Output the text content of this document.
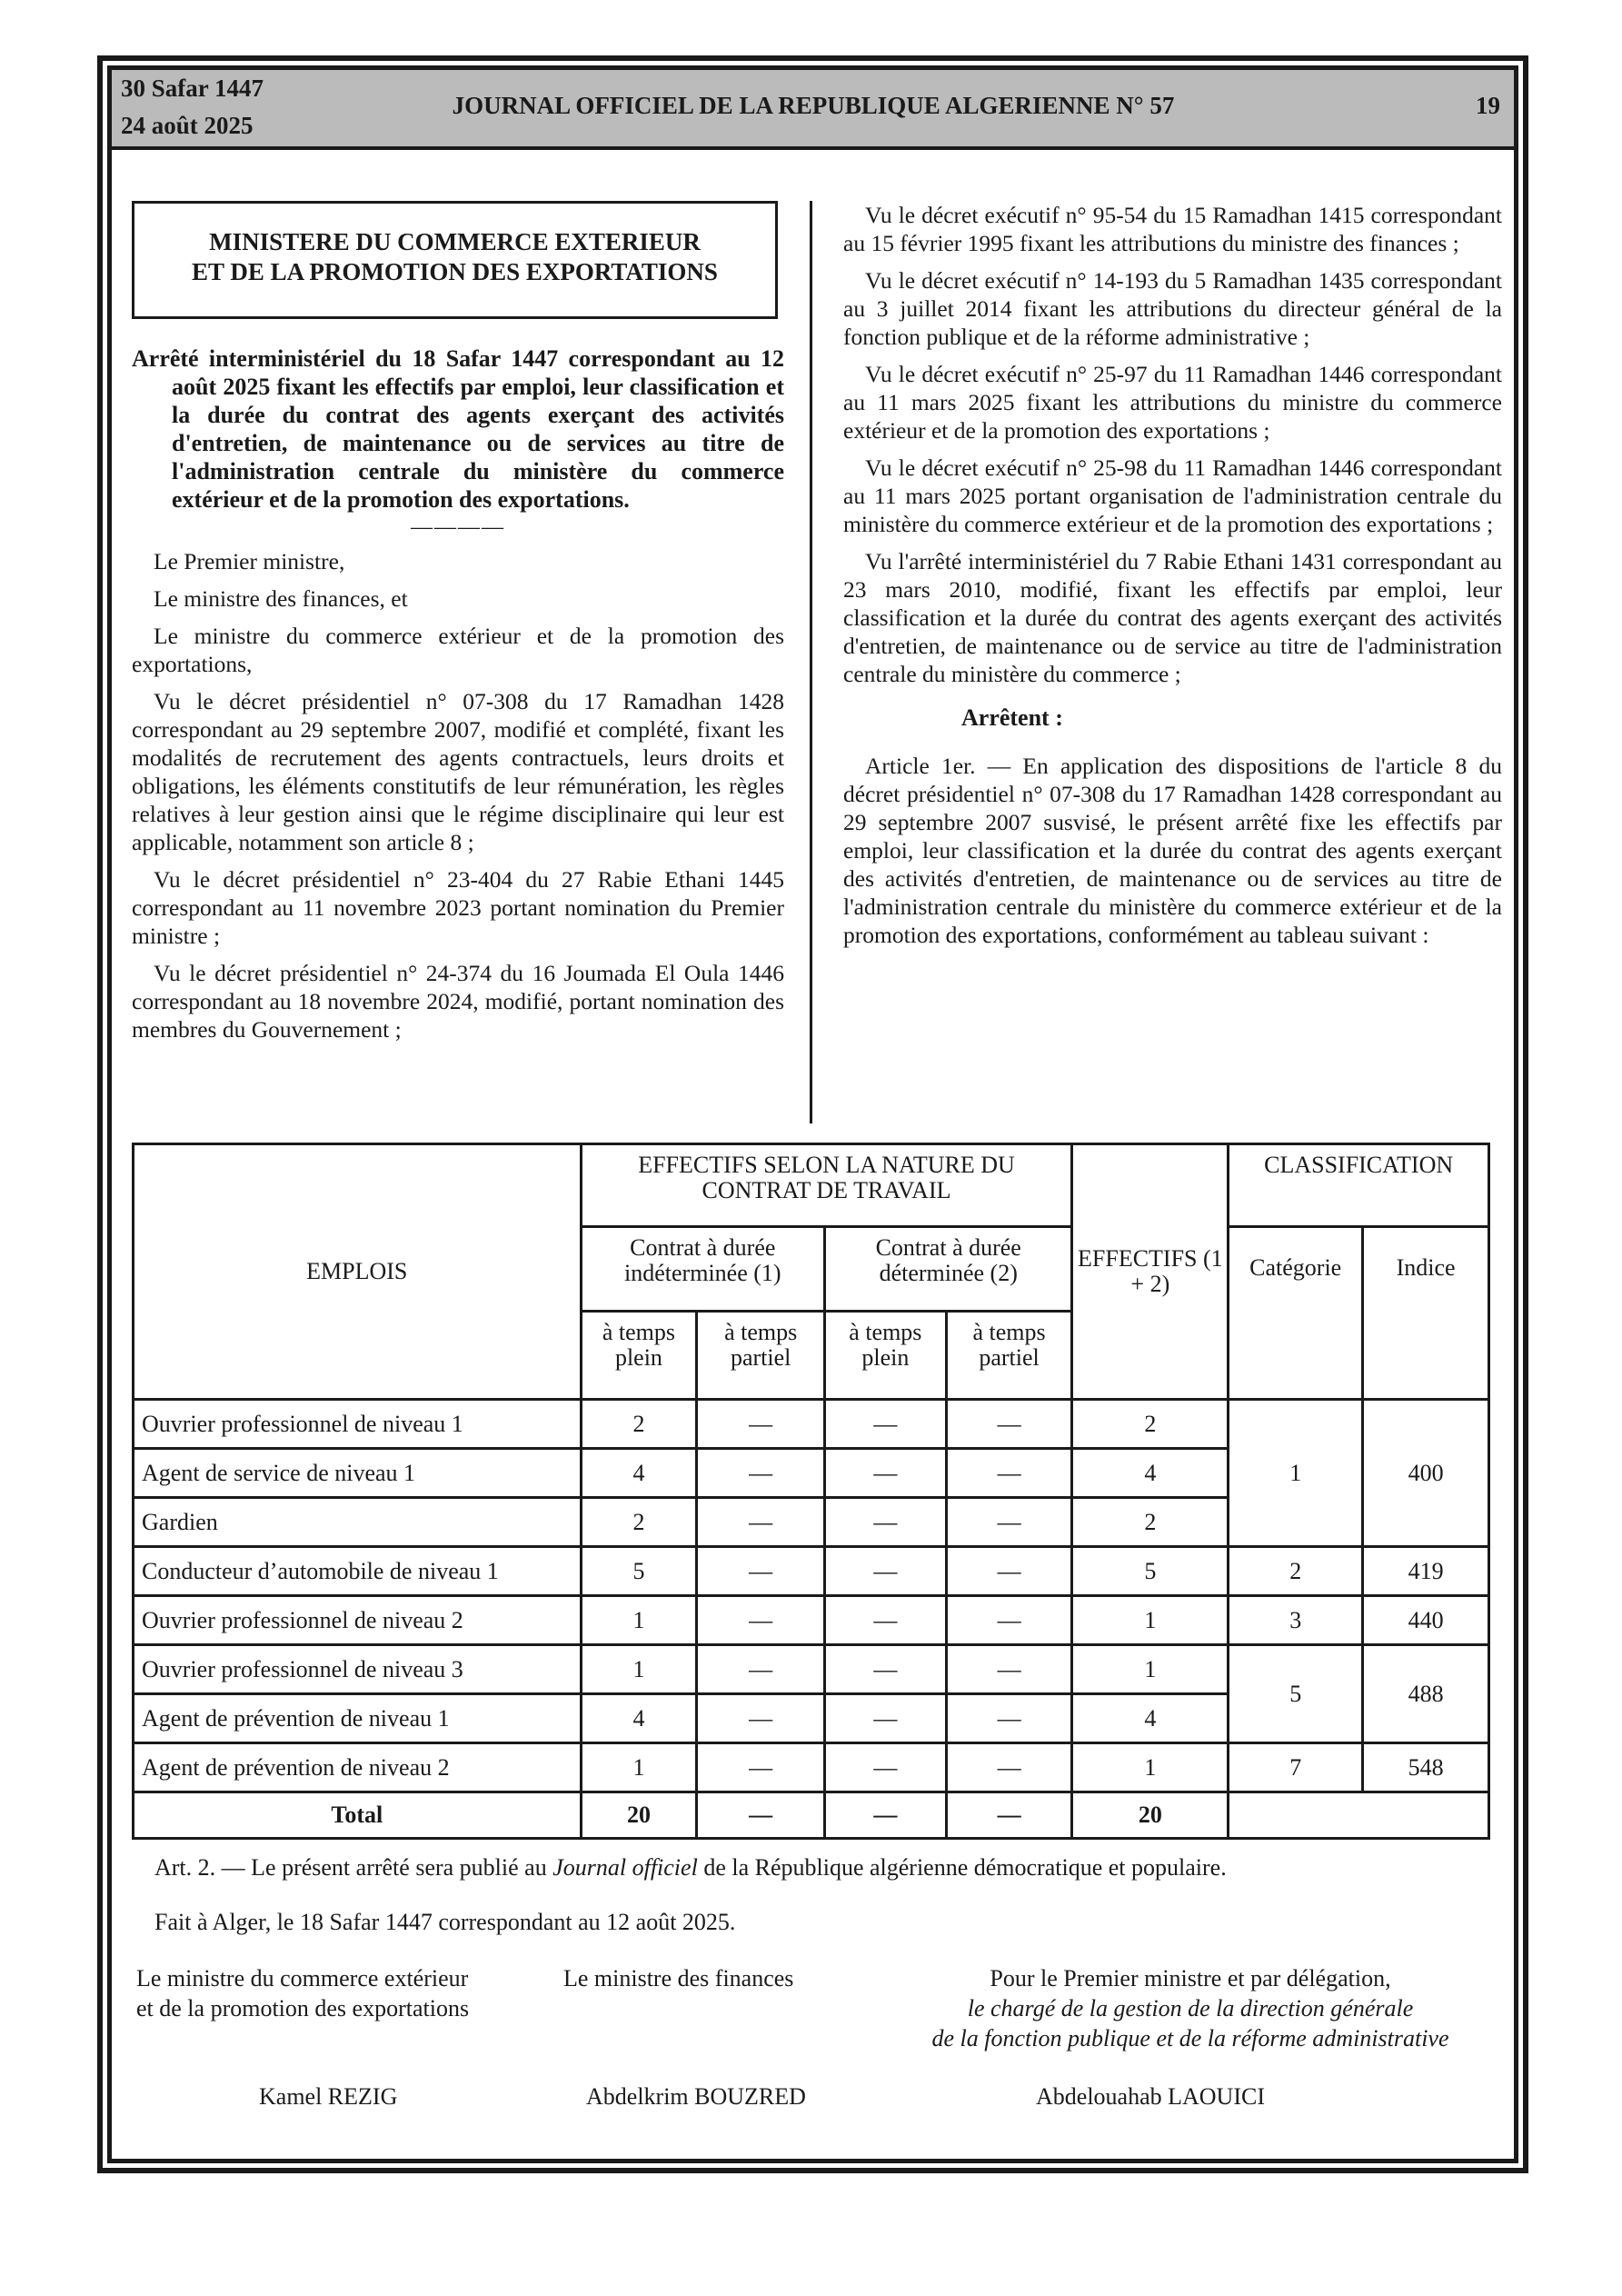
30 Safar 1447
24 août 2025
JOURNAL OFFICIEL DE LA REPUBLIQUE ALGERIENNE N° 57	19
MINISTERE DU COMMERCE EXTERIEUR
ET DE LA PROMOTION DES EXPORTATIONS
Arrêté interministériel du 18 Safar 1447 correspondant au 12 août 2025 fixant les effectifs par emploi, leur classification et la durée du contrat des agents exerçant des activités d'entretien, de maintenance ou de services au titre de l'administration centrale du ministère du commerce extérieur et de la promotion des exportations.
————

Le Premier ministre,

Le ministre des finances, et

Le ministre du commerce extérieur et de la promotion des exportations,

Vu le décret présidentiel n° 07-308 du 17 Ramadhan 1428 correspondant au 29 septembre 2007, modifié et complété, fixant les modalités de recrutement des agents contractuels, leurs droits et obligations, les éléments constitutifs de leur rémunération, les règles relatives à leur gestion ainsi que le régime disciplinaire qui leur est applicable, notamment son article 8 ;

Vu le décret présidentiel n° 23-404 du 27 Rabie Ethani 1445 correspondant au 11 novembre 2023 portant nomination du Premier ministre ;

Vu le décret présidentiel n° 24-374 du 16 Joumada El Oula 1446 correspondant au 18 novembre 2024, modifié, portant nomination des membres du Gouvernement ;

Vu le décret exécutif n° 95-54 du 15 Ramadhan 1415 correspondant au 15 février 1995 fixant les attributions du ministre des finances ;

Vu le décret exécutif n° 14-193 du 5 Ramadhan 1435 correspondant au 3 juillet 2014 fixant les attributions du directeur général de la fonction publique et de la réforme administrative ;

Vu le décret exécutif n° 25-97 du 11 Ramadhan 1446 correspondant au 11 mars 2025 fixant les attributions du ministre du commerce extérieur et de la promotion des exportations ;

Vu le décret exécutif n° 25-98 du 11 Ramadhan 1446 correspondant au 11 mars 2025 portant organisation de l'administration centrale du ministère du commerce extérieur et de la promotion des exportations ;

Vu l'arrêté interministériel du 7 Rabie Ethani 1431 correspondant au 23 mars 2010, modifié, fixant les effectifs par emploi, leur classification et la durée du contrat des agents exerçant des activités d'entretien, de maintenance ou de service au titre de l'administration centrale du ministère du commerce ;

Arrêtent :

Article 1er. — En application des dispositions de l'article 8 du décret présidentiel n° 07-308 du 17 Ramadhan 1428 correspondant au 29 septembre 2007 susvisé, le présent arrêté fixe les effectifs par emploi, leur classification et la durée du contrat des agents exerçant des activités d'entretien, de maintenance ou de services au titre de l'administration centrale du ministère du commerce extérieur et de la promotion des exportations, conformément au tableau suivant :

EMPLOIS	EFFECTIFS SELON LA NATURE DU CONTRAT DE TRAVAIL				EFFECTIFS (1 + 2)	CLASSIFICATION	
	Contrat à durée indéterminée (1)		Contrat à durée déterminée (2)			Catégorie	Indice
	à temps plein	à temps partiel	à temps plein	à temps partiel			
Ouvrier professionnel de niveau 1	2	—	—	—	2	1	400
Agent de service de niveau 1	4	—	—	—	4		
Gardien	2	—	—	—	2		
Conducteur d’automobile de niveau 1	5	—	—	—	5	2	419
Ouvrier professionnel de niveau 2	1	—	—	—	1	3	440
Ouvrier professionnel de niveau 3	1	—	—	—	1	5	488
Agent de prévention de niveau 1	4	—	—	—	4		
Agent de prévention de niveau 2	1	—	—	—	1	7	548
Total	20	—	—	—	20		
Art. 2. — Le présent arrêté sera publié au Journal officiel de la République algérienne démocratique et populaire.
Fait à Alger, le 18 Safar 1447 correspondant au 12 août 2025.
Le ministre du commerce extérieur
et de la promotion des exportations
Le ministre des finances	Pour le Premier ministre et par délégation,
le chargé de la gestion de la direction générale
de la fonction publique et de la réforme administrative
Kamel REZIG	Abdelkrim BOUZRED	Abdelouahab LAOUICI
